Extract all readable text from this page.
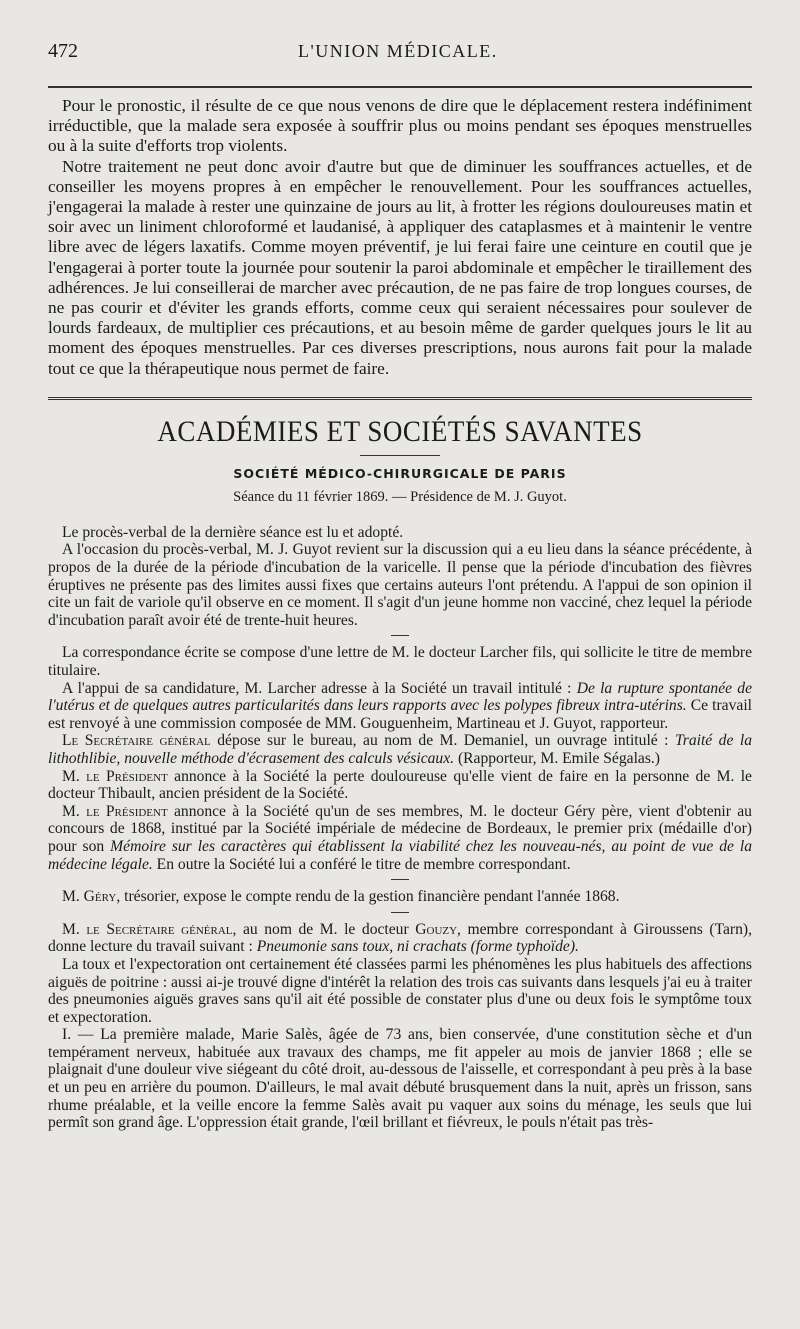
472	L'UNION MÉDICALE.

Pour le pronostic, il résulte de ce que nous venons de dire que le déplacement restera indéfiniment irréductible, que la malade sera exposée à souffrir plus ou moins pendant ses époques menstruelles ou à la suite d'efforts trop violents.

Notre traitement ne peut donc avoir d'autre but que de diminuer les souffrances actuelles, et de conseiller les moyens propres à en empêcher le renouvellement. Pour les souffrances actuelles, j'engagerai la malade à rester une quinzaine de jours au lit, à frotter les régions douloureuses matin et soir avec un liniment chloroformé et laudanisé, à appliquer des cataplasmes et à maintenir le ventre libre avec de légers laxatifs. Comme moyen préventif, je lui ferai faire une ceinture en coutil que je l'engagerai à porter toute la journée pour soutenir la paroi abdominale et empêcher le tiraillement des adhérences. Je lui conseillerai de marcher avec précaution, de ne pas faire de trop longues courses, de ne pas courir et d'éviter les grands efforts, comme ceux qui seraient nécessaires pour soulever de lourds fardeaux, de multiplier ces précautions, et au besoin même de garder quelques jours le lit au moment des époques menstruelles. Par ces diverses prescriptions, nous aurons fait pour la malade tout ce que la thérapeutique nous permet de faire.

ACADÉMIES ET SOCIÉTÉS SAVANTES
SOCIÉTÉ MÉDICO-CHIRURGICALE DE PARIS
Séance du 11 février 1869. — Présidence de M. J. Guyot.

Le procès-verbal de la dernière séance est lu et adopté.

A l'occasion du procès-verbal, M. J. Guyot revient sur la discussion qui a eu lieu dans la séance précédente, à propos de la durée de la période d'incubation de la varicelle. Il pense que la période d'incubation des fièvres éruptives ne présente pas des limites aussi fixes que certains auteurs l'ont prétendu. A l'appui de son opinion il cite un fait de variole qu'il observe en ce moment. Il s'agit d'un jeune homme non vacciné, chez lequel la période d'incubation paraît avoir été de trente-huit heures.

La correspondance écrite se compose d'une lettre de M. le docteur Larcher fils, qui sollicite le titre de membre titulaire.

A l'appui de sa candidature, M. Larcher adresse à la Société un travail intitulé : De la rupture spontanée de l'utérus et de quelques autres particularités dans leurs rapports avec les polypes fibreux intra-utérins. Ce travail est renvoyé à une commission composée de MM. Gouguenheim, Martineau et J. Guyot, rapporteur.

Le Secrétaire général dépose sur le bureau, au nom de M. Demaniel, un ouvrage intitulé : Traité de la lithothlibie, nouvelle méthode d'écrasement des calculs vésicaux. (Rapporteur, M. Emile Ségalas.)

M. le Président annonce à la Société la perte douloureuse qu'elle vient de faire en la personne de M. le docteur Thibault, ancien président de la Société.

M. le Président annonce à la Société qu'un de ses membres, M. le docteur Géry père, vient d'obtenir au concours de 1868, institué par la Société impériale de médecine de Bordeaux, le premier prix (médaille d'or) pour son Mémoire sur les caractères qui établissent la viabilité chez les nouveau-nés, au point de vue de la médecine légale. En outre la Société lui a conféré le titre de membre correspondant.

M. Géry, trésorier, expose le compte rendu de la gestion financière pendant l'année 1868.

M. le Secrétaire général, au nom de M. le docteur Gouzy, membre correspondant à Giroussens (Tarn), donne lecture du travail suivant : Pneumonie sans toux, ni crachats (forme typhoïde).

La toux et l'expectoration ont certainement été classées parmi les phénomènes les plus habituels des affections aiguës de poitrine : aussi ai-je trouvé digne d'intérêt la relation des trois cas suivants dans lesquels j'ai eu à traiter des pneumonies aiguës graves sans qu'il ait été possible de constater plus d'une ou deux fois le symptôme toux et expectoration.

I. — La première malade, Marie Salès, âgée de 73 ans, bien conservée, d'une constitution sèche et d'un tempérament nerveux, habituée aux travaux des champs, me fit appeler au mois de janvier 1868 ; elle se plaignait d'une douleur vive siégeant du côté droit, au-dessous de l'aisselle, et correspondant à peu près à la base et un peu en arrière du poumon. D'ailleurs, le mal avait débuté brusquement dans la nuit, après un frisson, sans rhume préalable, et la veille encore la femme Salès avait pu vaquer aux soins du ménage, les seuls que lui permît son grand âge. L'oppression était grande, l'œil brillant et fiévreux, le pouls n'était pas très-
